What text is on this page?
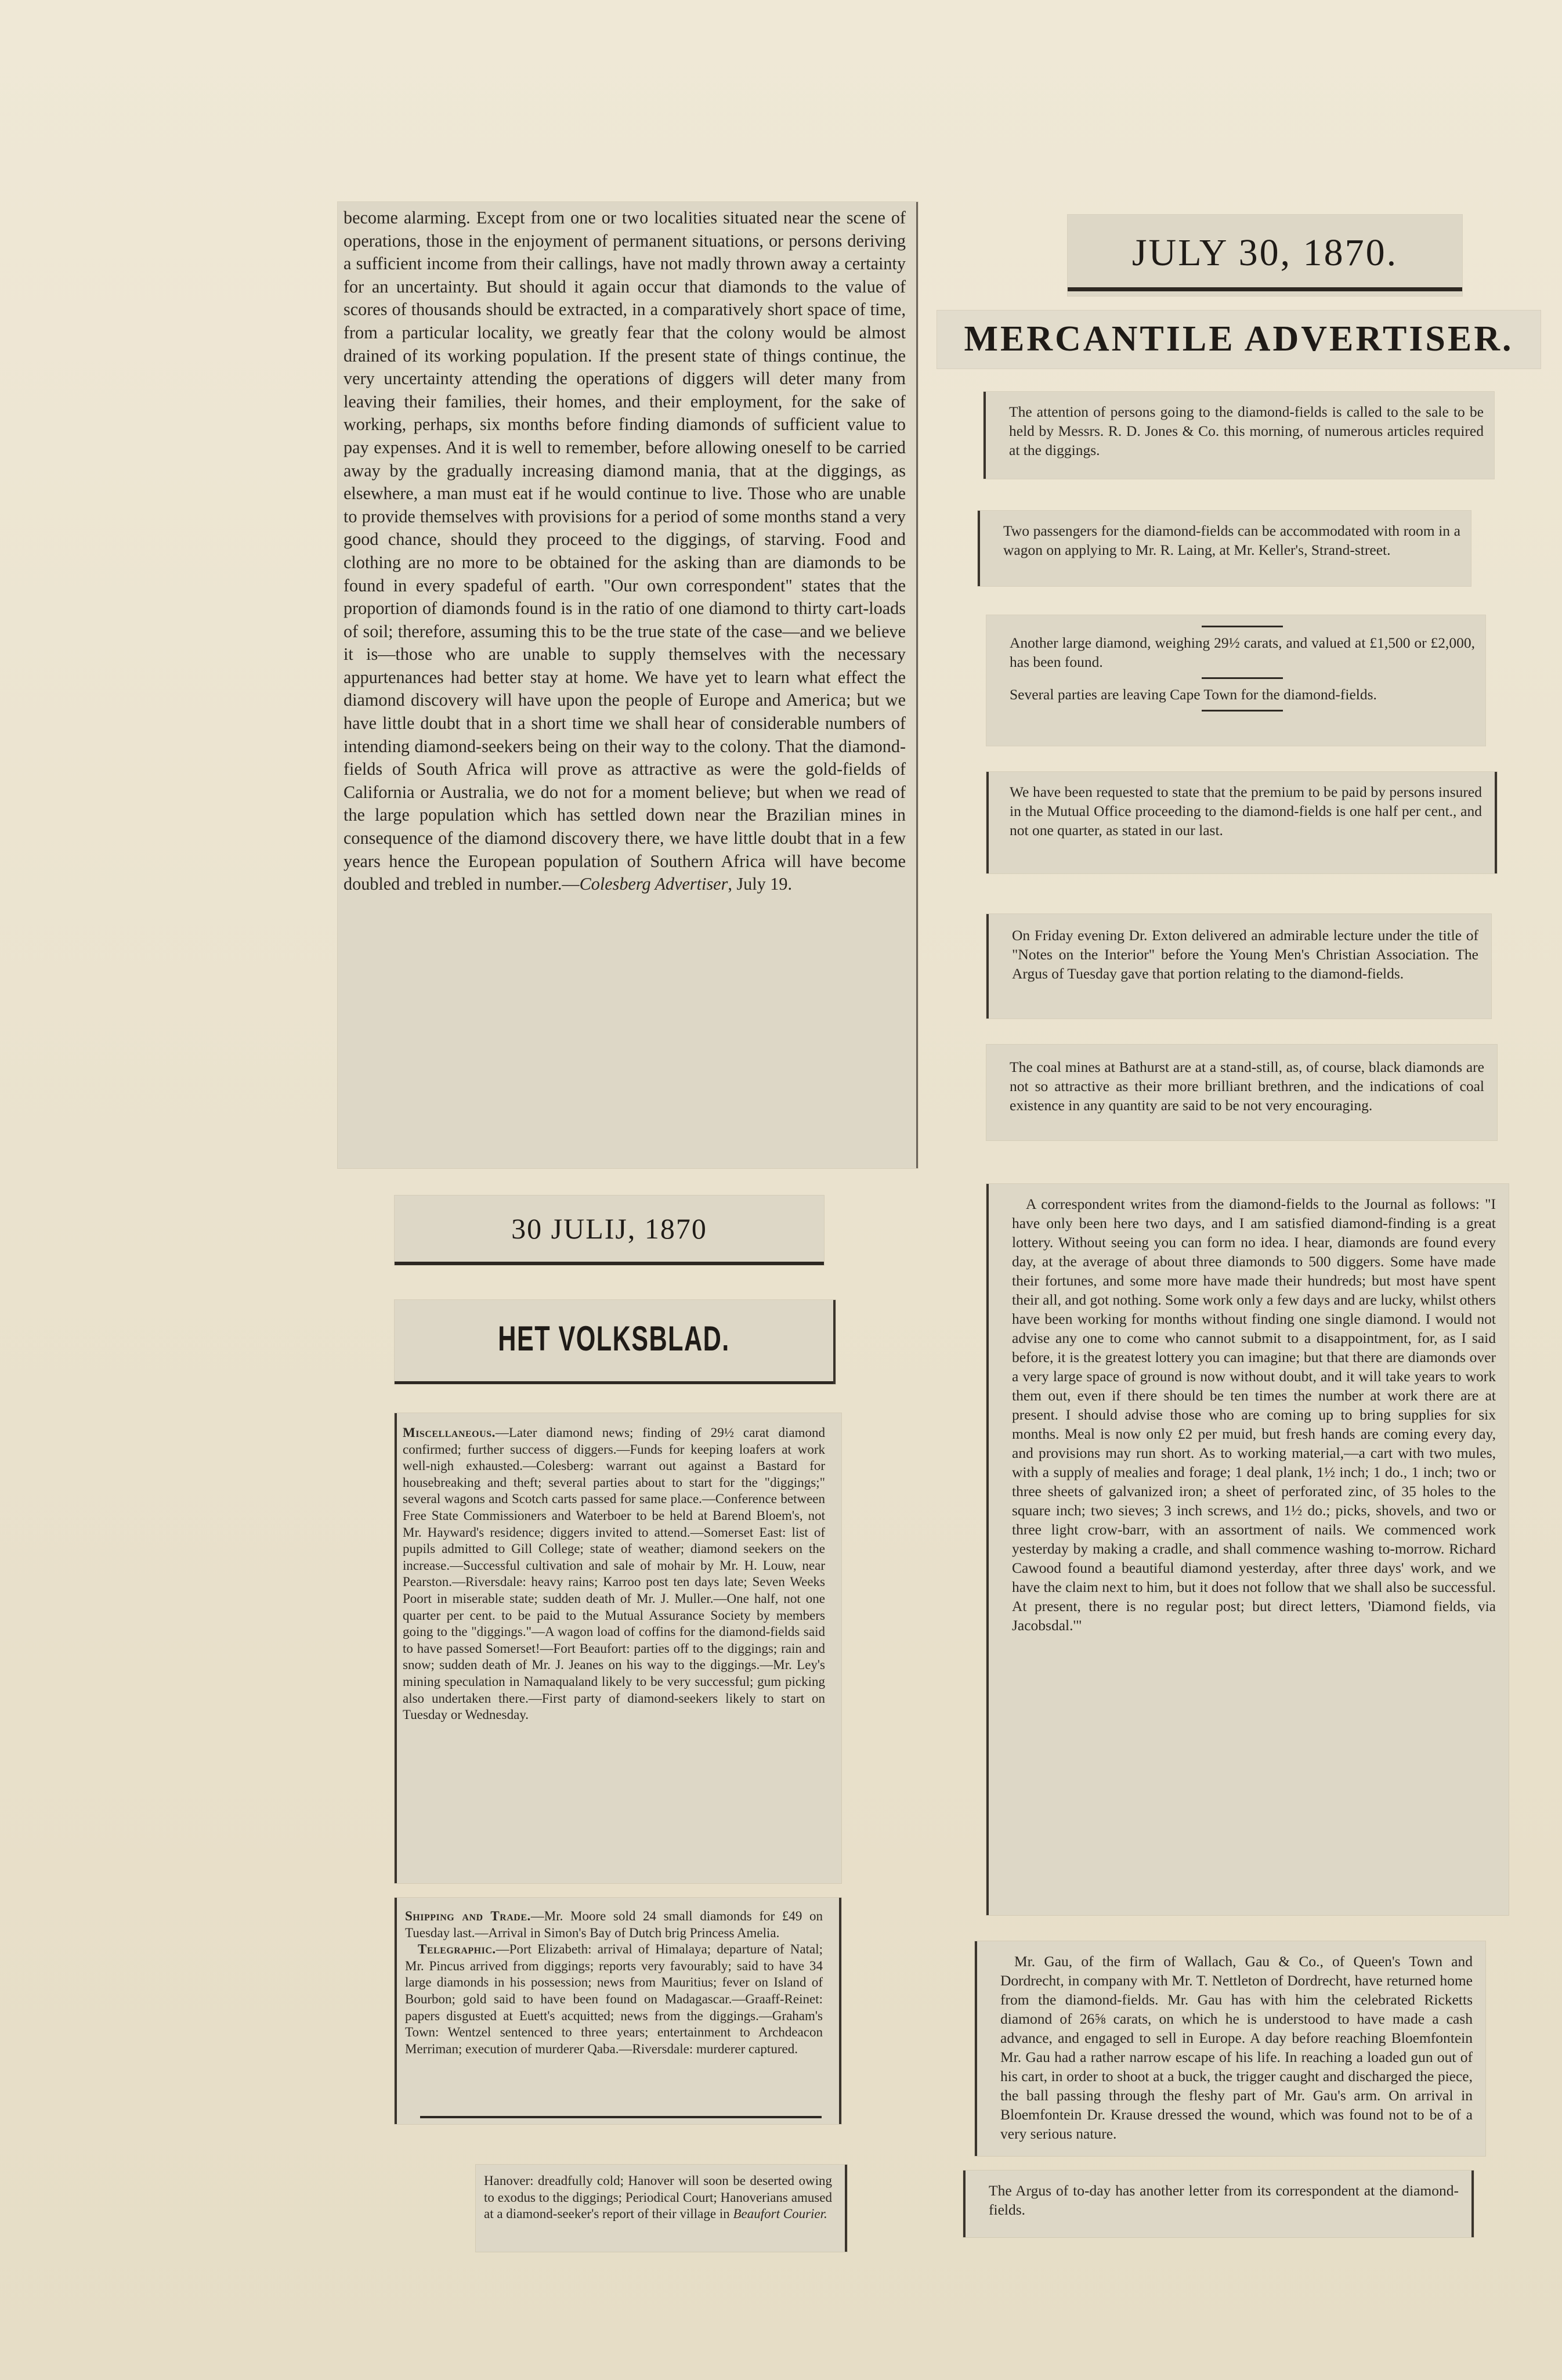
become alarming. Except from one or two localities situated near the scene of operations, those in the enjoyment of permanent situations, or persons deriving a sufficient income from their callings, have not madly thrown away a certainty for an uncertainty. But should it again occur that diamonds to the value of scores of thousands should be extracted, in a comparatively short space of time, from a particular locality, we greatly fear that the colony would be almost drained of its working population. If the present state of things continue, the very uncertainty attending the operations of diggers will deter many from leaving their families, their homes, and their employment, for the sake of working, perhaps, six months before finding diamonds of sufficient value to pay expenses. And it is well to remember, before allowing oneself to be carried away by the gradually increasing diamond mania, that at the diggings, as elsewhere, a man must eat if he would continue to live. Those who are unable to provide themselves with provisions for a period of some months stand a very good chance, should they proceed to the diggings, of starving. Food and clothing are no more to be obtained for the asking than are diamonds to be found in every spadeful of earth. "Our own correspondent" states that the proportion of diamonds found is in the ratio of one diamond to thirty cart-loads of soil; therefore, assuming this to be the true state of the case—and we believe it is—those who are unable to supply themselves with the necessary appurtenances had better stay at home. We have yet to learn what effect the diamond discovery will have upon the people of Europe and America; but we have little doubt that in a short time we shall hear of considerable numbers of intending diamond-seekers being on their way to the colony. That the diamond-fields of South Africa will prove as attractive as were the gold-fields of California or Australia, we do not for a moment believe; but when we read of the large population which has settled down near the Brazilian mines in consequence of the diamond discovery there, we have little doubt that in a few years hence the European population of Southern Africa will have become doubled and trebled in number.—Colesberg Advertiser, July 19.

30 JULIJ, 1870
HET VOLKSBLAD.

Miscellaneous.—Later diamond news; finding of 29½ carat diamond confirmed; further success of diggers.—Funds for keeping loafers at work well-nigh exhausted.—Colesberg: warrant out against a Bastard for housebreaking and theft; several parties about to start for the "diggings;" several wagons and Scotch carts passed for same place.—Conference between Free State Commissioners and Waterboer to be held at Barend Bloem's, not Mr. Hayward's residence; diggers invited to attend.—Somerset East: list of pupils admitted to Gill College; state of weather; diamond seekers on the increase.—Successful cultivation and sale of mohair by Mr. H. Louw, near Pearston.—Riversdale: heavy rains; Karroo post ten days late; Seven Weeks Poort in miserable state; sudden death of Mr. J. Muller.—One half, not one quarter per cent. to be paid to the Mutual Assurance Society by members going to the "diggings."—A wagon load of coffins for the diamond-fields said to have passed Somerset!—Fort Beaufort: parties off to the diggings; rain and snow; sudden death of Mr. J. Jeanes on his way to the diggings.—Mr. Ley's mining speculation in Namaqualand likely to be very successful; gum picking also undertaken there.—First party of diamond-seekers likely to start on Tuesday or Wednesday.

Shipping and Trade.—Mr. Moore sold 24 small diamonds for £49 on Tuesday last.—Arrival in Simon's Bay of Dutch brig Princess Amelia.

Telegraphic.—Port Elizabeth: arrival of Himalaya; departure of Natal; Mr. Pincus arrived from diggings; reports very favourably; said to have 34 large diamonds in his possession; news from Mauritius; fever on Island of Bourbon; gold said to have been found on Madagascar.—Graaff-Reinet: papers disgusted at Euett's acquitted; news from the diggings.—Graham's Town: Wentzel sentenced to three years; entertainment to Archdeacon Merriman; execution of murderer Qaba.—Riversdale: murderer captured.

Hanover: dreadfully cold; Hanover will soon be deserted owing to exodus to the diggings; Periodical Court; Hanoverians amused at a diamond-seeker's report of their village in Beaufort Courier.

JULY 30, 1870.
MERCANTILE ADVERTISER.

The attention of persons going to the diamond-fields is called to the sale to be held by Messrs. R. D. Jones & Co. this morning, of numerous articles required at the diggings.

Two passengers for the diamond-fields can be accommodated with room in a wagon on applying to Mr. R. Laing, at Mr. Keller's, Strand-street.

Another large diamond, weighing 29½ carats, and valued at £1,500 or £2,000, has been found.

Several parties are leaving Cape Town for the diamond-fields.

We have been requested to state that the premium to be paid by persons insured in the Mutual Office proceeding to the diamond-fields is one half per cent., and not one quarter, as stated in our last.

On Friday evening Dr. Exton delivered an admirable lecture under the title of "Notes on the Interior" before the Young Men's Christian Association. The Argus of Tuesday gave that portion relating to the diamond-fields.

The coal mines at Bathurst are at a stand-still, as, of course, black diamonds are not so attractive as their more brilliant brethren, and the indications of coal existence in any quantity are said to be not very encouraging.

A correspondent writes from the diamond-fields to the Journal as follows: "I have only been here two days, and I am satisfied diamond-finding is a great lottery. Without seeing you can form no idea. I hear, diamonds are found every day, at the average of about three diamonds to 500 diggers. Some have made their fortunes, and some more have made their hundreds; but most have spent their all, and got nothing. Some work only a few days and are lucky, whilst others have been working for months without finding one single diamond. I would not advise any one to come who cannot submit to a disappointment, for, as I said before, it is the greatest lottery you can imagine; but that there are diamonds over a very large space of ground is now without doubt, and it will take years to work them out, even if there should be ten times the number at work there are at present. I should advise those who are coming up to bring supplies for six months. Meal is now only £2 per muid, but fresh hands are coming every day, and provisions may run short. As to working material,—a cart with two mules, with a supply of mealies and forage; 1 deal plank, 1½ inch; 1 do., 1 inch; two or three sheets of galvanized iron; a sheet of perforated zinc, of 35 holes to the square inch; two sieves; 3 inch screws, and 1½ do.; picks, shovels, and two or three light crow-barr, with an assortment of nails. We commenced work yesterday by making a cradle, and shall commence washing to-morrow. Richard Cawood found a beautiful diamond yesterday, after three days' work, and we have the claim next to him, but it does not follow that we shall also be successful. At present, there is no regular post; but direct letters, 'Diamond fields, via Jacobsdal.'"

Mr. Gau, of the firm of Wallach, Gau & Co., of Queen's Town and Dordrecht, in company with Mr. T. Nettleton of Dordrecht, have returned home from the diamond-fields. Mr. Gau has with him the celebrated Ricketts diamond of 26⅝ carats, on which he is understood to have made a cash advance, and engaged to sell in Europe. A day before reaching Bloemfontein Mr. Gau had a rather narrow escape of his life. In reaching a loaded gun out of his cart, in order to shoot at a buck, the trigger caught and discharged the piece, the ball passing through the fleshy part of Mr. Gau's arm. On arrival in Bloemfontein Dr. Krause dressed the wound, which was found not to be of a very serious nature.

The Argus of to-day has another letter from its correspondent at the diamond-fields.
